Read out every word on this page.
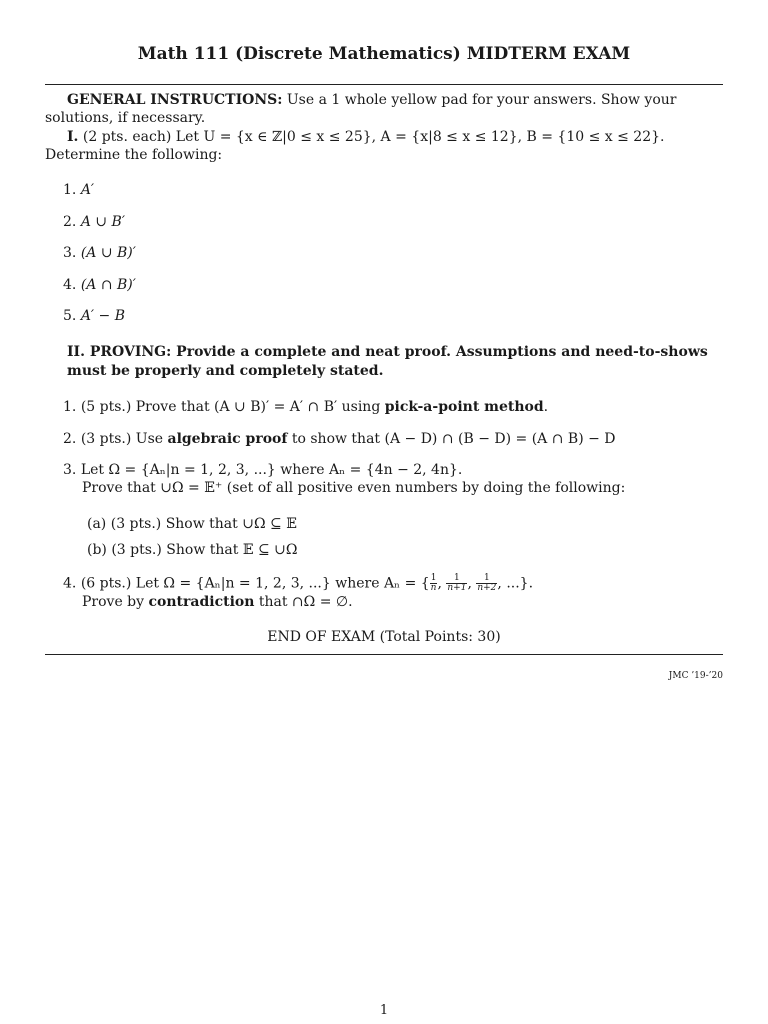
Math 111 (Discrete Mathematics) MIDTERM EXAM
GENERAL INSTRUCTIONS: Use a 1 whole yellow pad for your answers. Show your solutions, if necessary.
I. (2 pts. each) Let U = {x ∈ ℤ|0 ≤ x ≤ 25}, A = {x|8 ≤ x ≤ 12}, B = {10 ≤ x ≤ 22}. Determine the following:
1. A′
2. A ∪ B′
3. (A ∪ B)′
4. (A ∩ B)′
5. A′ − B
II. PROVING: Provide a complete and neat proof. Assumptions and need-to-shows must be properly and completely stated.
1. (5 pts.) Prove that (A ∪ B)′ = A′ ∩ B′ using pick-a-point method.
2. (3 pts.) Use algebraic proof to show that (A − D) ∩ (B − D) = (A ∩ B) − D
3. Let Ω = {Aₙ|n = 1, 2, 3, ...} where Aₙ = {4n − 2, 4n}.
Prove that ∪Ω = 𝔼⁺ (set of all positive even numbers by doing the following:
(a) (3 pts.) Show that ∪Ω ⊆ 𝔼
(b) (3 pts.) Show that 𝔼 ⊆ ∪Ω
4. (6 pts.) Let Ω = {Aₙ|n = 1, 2, 3, ...} where Aₙ = { $\frac{1}{n}$ , $\frac{1}{n+1}$ , $\frac{1}{n+2}$ , ...}.
Prove by contradiction that ∩Ω = ∅.
END OF EXAM (Total Points: 30)
JMC ’19-’20
1
